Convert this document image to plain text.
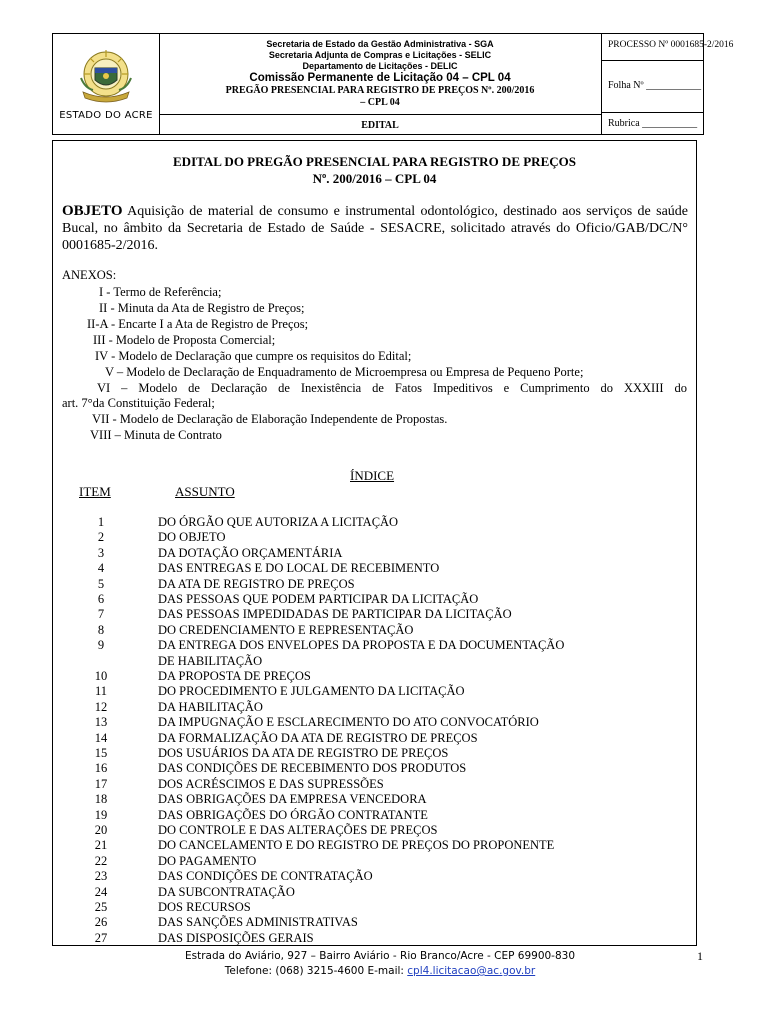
ESTADO DO ACRE
Secretaria de Estado da Gestão Administrativa - SGA
Secretaria Adjunta de Compras e Licitações - SELIC
Departamento de Licitações - DELIC
Comissão Permanente de Licitação 04 – CPL 04
PREGÃO PRESENCIAL PARA REGISTRO DE PREÇOS Nº. 200/2016
– CPL 04
EDITAL
PROCESSO Nº 0001685-2/2016
Folha Nº ___________
Rubrica ___________
EDITAL DO PREGÃO PRESENCIAL PARA REGISTRO DE PREÇOS
Nº. 200/2016 – CPL 04
OBJETO Aquisição de material de consumo e instrumental odontológico, destinado aos serviços de saúde Bucal, no âmbito da Secretaria de Estado de Saúde - SESACRE, solicitado através do Oficio/GAB/DC/N° 0001685-2/2016.
ANEXOS:
I - Termo de Referência;
II - Minuta da Ata de Registro de Preços;
II-A - Encarte I a Ata de Registro de Preços;
III - Modelo de Proposta Comercial;
IV - Modelo de Declaração que cumpre os requisitos do Edital;
V – Modelo de Declaração de Enquadramento de Microempresa ou Empresa de Pequeno Porte;
VI – Modelo de Declaração de Inexistência de Fatos Impeditivos e Cumprimento do XXXIII do
art. 7°da Constituição Federal;
VII - Modelo de Declaração de Elaboração Independente de Propostas.
VIII – Minuta de Contrato
ÍNDICE
ITEM	ASSUNTO
1	DO ÓRGÃO QUE AUTORIZA A LICITAÇÃO
2	DO OBJETO
3	DA DOTAÇÃO ORÇAMENTÁRIA
4	DAS ENTREGAS E DO LOCAL DE RECEBIMENTO
5	DA ATA DE REGISTRO DE PREÇOS
6	DAS PESSOAS QUE PODEM PARTICIPAR DA LICITAÇÃO
7	DAS PESSOAS IMPEDIDADAS DE PARTICIPAR DA LICITAÇÃO
8	DO CREDENCIAMENTO E REPRESENTAÇÃO
9	DA ENTREGA DOS ENVELOPES DA PROPOSTA E DA DOCUMENTAÇÃO
DE HABILITAÇÃO
10	DA PROPOSTA DE PREÇOS
11	DO PROCEDIMENTO E JULGAMENTO DA LICITAÇÃO
12	DA HABILITAÇÃO
13	DA IMPUGNAÇÃO E ESCLARECIMENTO DO ATO CONVOCATÓRIO
14	DA FORMALIZAÇÃO DA ATA DE REGISTRO DE PREÇOS
15	DOS USUÁRIOS DA ATA DE REGISTRO DE PREÇOS
16	DAS CONDIÇÕES DE RECEBIMENTO DOS PRODUTOS
17	DOS ACRÉSCIMOS E DAS SUPRESSÕES
18	DAS OBRIGAÇÕES DA EMPRESA VENCEDORA
19	DAS OBRIGAÇÕES DO ÓRGÃO CONTRATANTE
20	DO CONTROLE E DAS ALTERAÇÕES DE PREÇOS
21	DO CANCELAMENTO E DO REGISTRO DE PREÇOS DO PROPONENTE
22	DO PAGAMENTO
23	DAS CONDIÇÕES DE CONTRATAÇÃO
24	DA SUBCONTRATAÇÃO
25	DOS RECURSOS
26	DAS SANÇÕES ADMINISTRATIVAS
27	DAS DISPOSIÇÕES GERAIS
Estrada do Aviário, 927 – Bairro Aviário - Rio Branco/Acre - CEP 69900-830
Telefone: (068) 3215-4600 E-mail: cpl4.licitacao@ac.gov.br
1
